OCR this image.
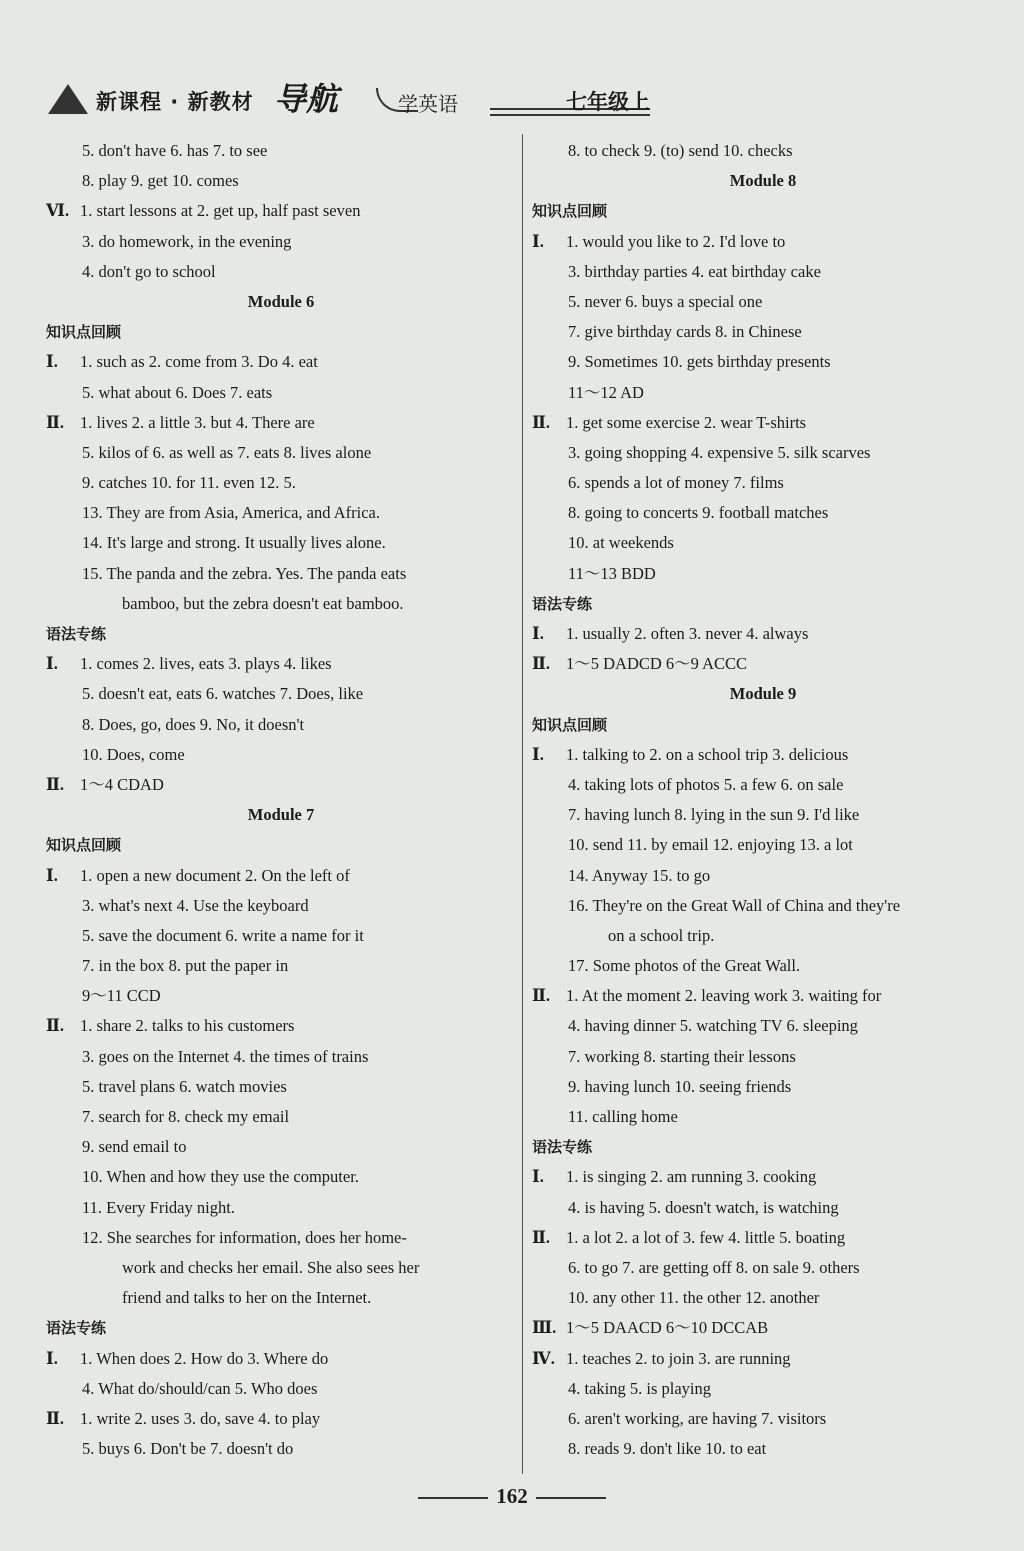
新课程 · 新教材 导航	学英语	七年级上
5. don't have 6. has 7. to see
8. play 9. get 10. comes
Ⅵ. 1. start lessons at 2. get up, half past seven
3. do homework, in the evening
4. don't go to school
Module 6
知识点回顾
Ⅰ. 1. such as 2. come from 3. Do 4. eat
5. what about 6. Does 7. eats
Ⅱ. 1. lives 2. a little 3. but 4. There are
5. kilos of 6. as well as 7. eats 8. lives alone
9. catches 10. for 11. even 12. 5.
13. They are from Asia, America, and Africa.
14. It's large and strong. It usually lives alone.
15. The panda and the zebra. Yes. The panda eats
bamboo, but the zebra doesn't eat bamboo.
语法专练
Ⅰ. 1. comes 2. lives, eats 3. plays 4. likes
5. doesn't eat, eats 6. watches 7. Does, like
8. Does, go, does 9. No, it doesn't
10. Does, come
Ⅱ. 1～4 CDAD
Module 7
知识点回顾
Ⅰ. 1. open a new document 2. On the left of
3. what's next 4. Use the keyboard
5. save the document 6. write a name for it
7. in the box 8. put the paper in
9～11 CCD
Ⅱ. 1. share 2. talks to his customers
3. goes on the Internet 4. the times of trains
5. travel plans 6. watch movies
7. search for 8. check my email
9. send email to
10. When and how they use the computer.
11. Every Friday night.
12. She searches for information, does her home-
work and checks her email. She also sees her
friend and talks to her on the Internet.
语法专练
Ⅰ. 1. When does 2. How do 3. Where do
4. What do/should/can 5. Who does
Ⅱ. 1. write 2. uses 3. do, save 4. to play
5. buys 6. Don't be 7. doesn't do
8. to check 9. (to) send 10. checks
Module 8
知识点回顾
Ⅰ. 1. would you like to 2. I'd love to
3. birthday parties 4. eat birthday cake
5. never 6. buys a special one
7. give birthday cards 8. in Chinese
9. Sometimes 10. gets birthday presents
11～12 AD
Ⅱ. 1. get some exercise 2. wear T-shirts
3. going shopping 4. expensive 5. silk scarves
6. spends a lot of money 7. films
8. going to concerts 9. football matches
10. at weekends
11～13 BDD
语法专练
Ⅰ. 1. usually 2. often 3. never 4. always
Ⅱ. 1～5 DADCD 6～9 ACCC
Module 9
知识点回顾
Ⅰ. 1. talking to 2. on a school trip 3. delicious
4. taking lots of photos 5. a few 6. on sale
7. having lunch 8. lying in the sun 9. I'd like
10. send 11. by email 12. enjoying 13. a lot
14. Anyway 15. to go
16. They're on the Great Wall of China and they're
on a school trip.
17. Some photos of the Great Wall.
Ⅱ. 1. At the moment 2. leaving work 3. waiting for
4. having dinner 5. watching TV 6. sleeping
7. working 8. starting their lessons
9. having lunch 10. seeing friends
11. calling home
语法专练
Ⅰ. 1. is singing 2. am running 3. cooking
4. is having 5. doesn't watch, is watching
Ⅱ. 1. a lot 2. a lot of 3. few 4. little 5. boating
6. to go 7. are getting off 8. on sale 9. others
10. any other 11. the other 12. another
Ⅲ. 1～5 DAACD 6～10 DCCAB
Ⅳ. 1. teaches 2. to join 3. are running
4. taking 5. is playing
6. aren't working, are having 7. visitors
8. reads 9. don't like 10. to eat
162
